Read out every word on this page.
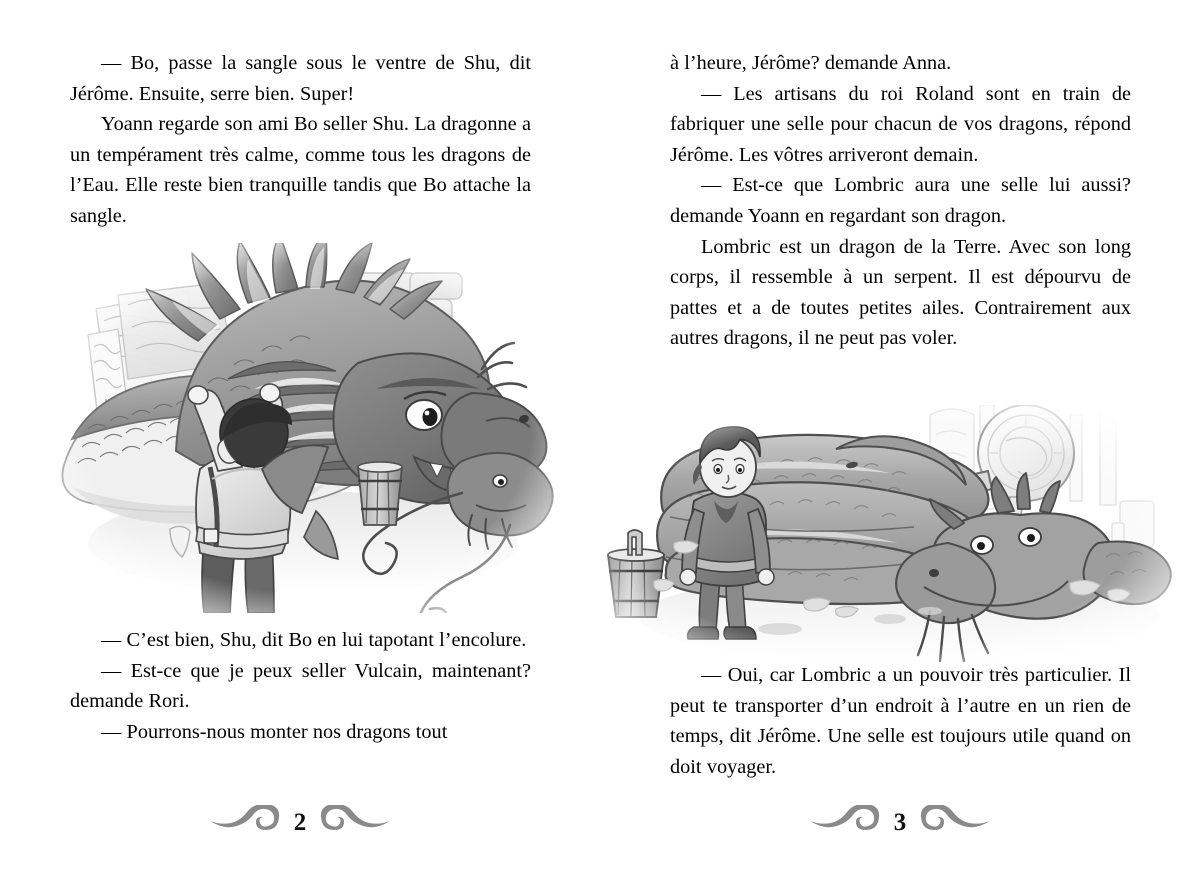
— Bo, passe la sangle sous le ventre de Shu, dit Jérôme. Ensuite, serre bien. Super!

Yoann regarde son ami Bo seller Shu. La dragonne a un tempérament très calme, comme tous les dragons de l’Eau. Elle reste bien tranquille tandis que Bo attache la sangle.

— C’est bien, Shu, dit Bo en lui tapotant l’encolure.

— Est-ce que je peux seller Vulcain, maintenant? demande Rori.

— Pourrons-nous monter nos dragons tout

2

à l’heure, Jérôme? demande Anna.

— Les artisans du roi Roland sont en train de fabriquer une selle pour chacun de vos dragons, répond Jérôme. Les vôtres arriveront demain.

— Est-ce que Lombric aura une selle lui aussi? demande Yoann en regardant son dragon.

Lombric est un dragon de la Terre. Avec son long corps, il ressemble à un serpent. Il est dépourvu de pattes et a de toutes petites ailes. Contrairement aux autres dragons, il ne peut pas voler.

— Oui, car Lombric a un pouvoir très particulier. Il peut te transporter d’un endroit à l’autre en un rien de temps, dit Jérôme. Une selle est toujours utile quand on doit voyager.

3
